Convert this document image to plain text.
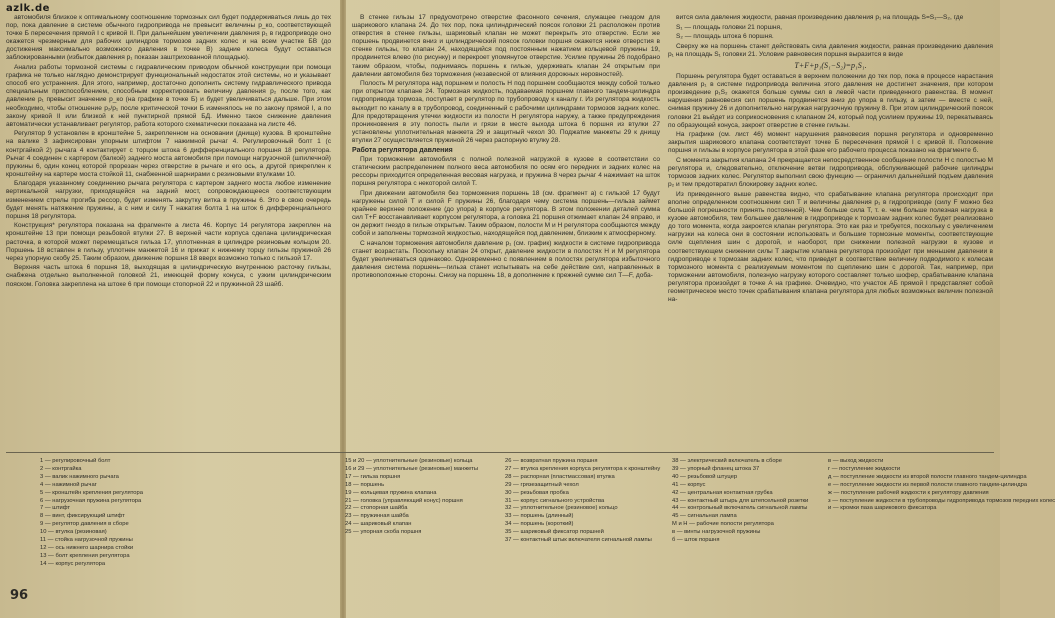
azlk.de

автомобиля близкое к оптимальному соотношение тормозных сил будет поддерживаться лишь до тех пор, пока давление в системе обычного гидропривода не превысит величины p_ко, соответствующей точке Б пересечения прямой I с кривой II. При дальнейшем увеличении давления p₁ в гидроприводе оно окажется чрезмерным для рабочих цилиндров тормозов задних колес и на всем участке БВ (до достижения максимально возможного давления в точке В) задние колеса будут оставаться заблокированными (избыток давления p₁ показан заштрихованной площадью).

Анализ работы тормозной системы с гидравлическим приводом обычной конструкции при помощи графика не только наглядно демонстрирует функциональный недостаток этой системы, но и указывает способ его устранения. Для этого, например, достаточно дополнить систему гидравлического привода специальным приспособлением, способным корректировать величину давления p₂ после того, как давление p₁ превысит значение p_ко (на графике в точке Б) и будет увеличиваться дальше. При этом необходимо, чтобы отношение p₂/p₁ после критической точки Б изменялось не по закону прямой I, а по закону кривой II или близкой к ней пунктирной прямой БД. Именно такое снижение давления автоматически устанавливает регулятор, работа которого схематически показана на листе 46.

Регулятор 9 установлен в кронштейне 5, закрепленном на основании (днище) кузова. В кронштейне на валике 3 зафиксирован упорным штифтом 7 нажимной рычаг 4. Регулировочный болт 1 (с контргайкой 2) рычага 4 контактирует с торцом штока 6 дифференциального поршня 18 регулятора. Рычаг 4 соединен с картером (балкой) заднего моста автомобиля при помощи нагрузочной (шпилечной) пружины 6, один конец которой прорезан через отверстие в рычаге и его ось, а другой прикреплен к кронштейну на картере моста стойкой 11, снабженной шарнирами с резиновыми втулками 10.

Благодаря указанному соединению рычага регулятора с картером заднего моста любое изменение вертикальной нагрузки, приходящейся на задний мост, сопровождающееся соответствующим изменением стрелы прогиба рессор, будет изменять закрутку витка в пружины 6. Это в свою очередь будет менять натяжение пружины, а с ним и силу T нажатия болта 1 на шток 6 дифференциального поршня 18 регулятора.

Конструкция* регулятора показана на фрагменте а листа 46. Корпус 14 регулятора закреплен на кронштейне 13 при помощи резьбовой втулки 27. В верхней части корпуса сделана цилиндрическая расточка, в которой может перемещаться гильза 17, уплотненная в цилиндре резиновым кольцом 20. Поршень 18 вставлен в гильзу, уплотнен манжетой 16 и прижат к нижнему торцу гильзы пружиной 26 через упорную скобу 25. Таким образом, движение поршня 18 вверх возможно только с гильзой 17.

Верхняя часть штока 6 поршня 18, выходящая в цилиндрическую внутреннюю расточку гильзы, снабжена отдельно выполненной головкой 21, имеющей форму конуса, с узким цилиндрическим пояском. Головка закреплена на штоке 6 при помощи стопорной 22 и пружинной 23 шайб.

В стенке гильзы 17 предусмотрено отверстие фасонного сечения, служащее гнездом для шарикового клапана 24. До тех пор, пока цилиндрический поясок головки 21 расположен против отверстия в стенке гильзы, шариковый клапан не может перекрыть это отверстие. Если же поршень продвинется вниз и цилиндрический поясок головки поршня окажется ниже отверстия в стенке гильзы, то клапан 24, находящийся под постоянным нажатием кольцевой пружины 19, продвинется влево (по рисунку) и перекроет упомянутое отверстие. Усилие пружины 26 подобрано таким образом, чтобы, поднимаясь поршень к гильзе, удерживать клапан 24 открытым при давлении автомобиля без торможения (незавесной от влияния дорожных неровностей).

Полость М регулятора над поршнем и полость Н под поршнем сообщаются между собой только при открытом клапане 24. Тормозная жидкость, подаваемая поршнем главного тандем-цилиндра гидропривода тормоза, поступает в регулятор по трубопроводу к каналу г. Из регулятора жидкость выходит по каналу в в трубопровод, соединенный с рабочими цилиндрами тормозов задних колес. Для предотвращения утечки жидкости из полости Н регулятора наружу, а также предупреждения проникновения в эту полость пыли и грязи в месте выхода штока 6 поршня из втулки 27 установлены уплотнительная манжета 29 и защитный чехол 30. Поджатие манжеты 29 к днищу втулки 27 осуществляется пружиной 26 через распорную втулку 28.

Работа регулятора давления

При торможении автомобиля с полной полезной нагрузкой в кузове в соответствии со статическим распределением полного веса автомобиля по осям его передних и задних колес на рессоры приходится определенная весовая нагрузка, и пружина 8 через рычаг 4 нажимает на шток поршня регулятора с некоторой силой T.

При движении автомобиля без торможения поршень 18 (см. фрагмент а) с гильзой 17 будут нагружены силой T и силой F пружины 26, благодаря чему система поршень—гильза займет крайнее верхнее положение (до упора) в корпусе регулятора. В этом положении деталей сумма сил T+F восстанавливает корпусом регулятора, а головка 21 поршня отжимает клапан 24 вправо, и он держит гнездо в гильзе открытым. Таким образом, полости М и Н регулятора сообщаются между собой и заполнены тормозной жидкостью, находящейся под давлением, близким к атмосферному.

С началом торможения автомобиля давление p₁ (см. график) жидкости в системе гидропривода станет возрастать. Поскольку клапан 24 открыт, давление жидкости в полостях Н и М регулятора будет увеличиваться одинаково. Одновременно с появлением в полостях регулятора избыточного давления система поршень—гильза станет испытывать на себе действие сил, направленных в противоположные стороны. Снизу на поршень 18, в дополнение к прежней сумме сил T—F, доба-

вится сила давления жидкости, равная произведению давления p₁ на площадь S=S₁—S₂, где

S₁ — площадь головки 21 поршня,

S₂ — площадь штока 6 поршня.

Сверху же на поршень станет действовать сила давления жидкости, равная произведению давления p₁ на площадь S₁ головки 21. Условие равновесия поршня выразится в виде

T+F+p₁(S₁−S₂)=p₁S₁.

Поршень регулятора будет оставаться в верхнем положении до тех пор, пока в процессе нарастания давления p₁ в системе гидропривода величина этого давления не достигнет значения, при котором произведение p₁S₂ окажется больше суммы сил в левой части приведенного равенства. В момент нарушения равновесия сил поршень продвинется вниз до упора в гильзу, а затем — вместе с ней, снимая пружину 26 и дополнительно нагружая нагрузочную пружину 8. При этом цилиндрический поясок головки 21 выйдет из соприкосновения с клапаном 24, который под усилием пружины 19, перекатываясь по образующей конуса, закроет отверстие в стенке гильзы.

На графике (см. лист 46) момент нарушения равновесия поршня регулятора и одновременно закрытия шарикового клапана соответствует точке Б пересечения прямой I с кривой II. Положение поршня и гильзы в корпусе регулятора в этой фазе его рабочего процесса показано на фрагменте б.

С момента закрытия клапана 24 прекращается непосредственное сообщение полости Н с полостью М регулятора и, следовательно, отключение ветви гидропривода, обслуживающей рабочие цилиндры тормозов задних колес. Регулятор выполнил свою функцию — ограничил дальнейший подъем давления p₂ и тем предотвратил блокировку задних колес.

Из приведенного выше равенства видно, что срабатывание клапана регулятора происходит при вполне определенном соотношении сил T и величины давления p₁ в гидроприводе (силу F можно без большой погрешности принять постоянной). Чем больше сила T, т. е. чем больше полезная нагрузка в кузове автомобиля, тем большее давление в гидроприводе к тормозам задних колес будет реализовано до того момента, когда закроется клапан регулятора. Это как раз и требуется, поскольку с увеличением нагрузки на колеса они в состоянии использовать и большие тормозные моменты, соответствующие силе сцепления шин с дорогой, и наоборот, при снижении полезной нагрузки в кузове и соответствующем снижении силы T закрытие клапана регулятора произойдет при меньшем давлении в гидроприводе к тормозам задних колес, что приведет в соответствие величину подводимого к колесам тормозного момента с реализуемым моментом по сцеплению шин с дорогой. Так, например, при торможении автомобиля, полезную нагрузку которого составляет только шофер, срабатывание клапана регулятора произойдет в точке А на графике. Очевидно, что участок АБ прямой I представляет собой геометрическое место точек срабатывания клапана регулятора для любых возможных величин полезной на-

1 — регулировочный болт
2 — контргайка
3 — валик нажимного рычага
4 — нажимной рычаг
5 — кронштейн крепления регулятора
6 — нагрузочная пружина регулятора
7 — штифт
8 — винт, фиксирующий штифт
9 — регулятор давления в сборе
10 — втулка (резиновая)
11 — стойка нагрузочной пружины
12 — ось нижнего шарнира стойки
13 — болт крепления регулятора
14 — корпус регулятора
15 и 20 — уплотнительные (резиновые) кольца
16 и 29 — уплотнительные (резиновые) манжеты
17 — гильза поршня
18 — поршень
19 — кольцевая пружина клапана
21 — головка (управляющий конус) поршня
22 — стопорная шайба
23 — пружинная шайба
24 — шариковый клапан
25 — упорная скоба поршня
26 — возвратная пружина поршня
27 — втулка крепления корпуса регулятора к кронштейну
28 — распорная (пластмассовая) втулка
29 — грязезащитный чехол
30 — резьбовая пробка
31 — корпус сигнального устройства
32 — уплотнительное (резиновое) кольцо
33 — поршень (длинный)
34 — поршень (короткий)
35 — шариковый фиксатор поршней
37 — контактный штык включателя сигнальной лампы
38 — электрический включатель в сборе
39 — упорный фланец штока 37
40 — резьбовой штуцер
41 — корпус
42 — центральная контактная грубка
43 — контактный штырь для штепсельной розетки
44 — контрольный включатель сигнальной лампы
45 — сигнальная лампа
М и Н — рабочие полости регулятора
в — винты нагрузочной пружины
б — шток поршня
в — выход жидкости
г — поступление жидкости
д — поступление жидкости из второй полости главного тандем-цилиндра
е — поступление жидкости из первой полости главного тандем-цилиндра
ж — поступление рабочей жидкости к регулятору давления
з — поступление жидкости в трубопроводы гидропривода тормозов передних колес
и — кромки паза шарикового фиксатора
96
